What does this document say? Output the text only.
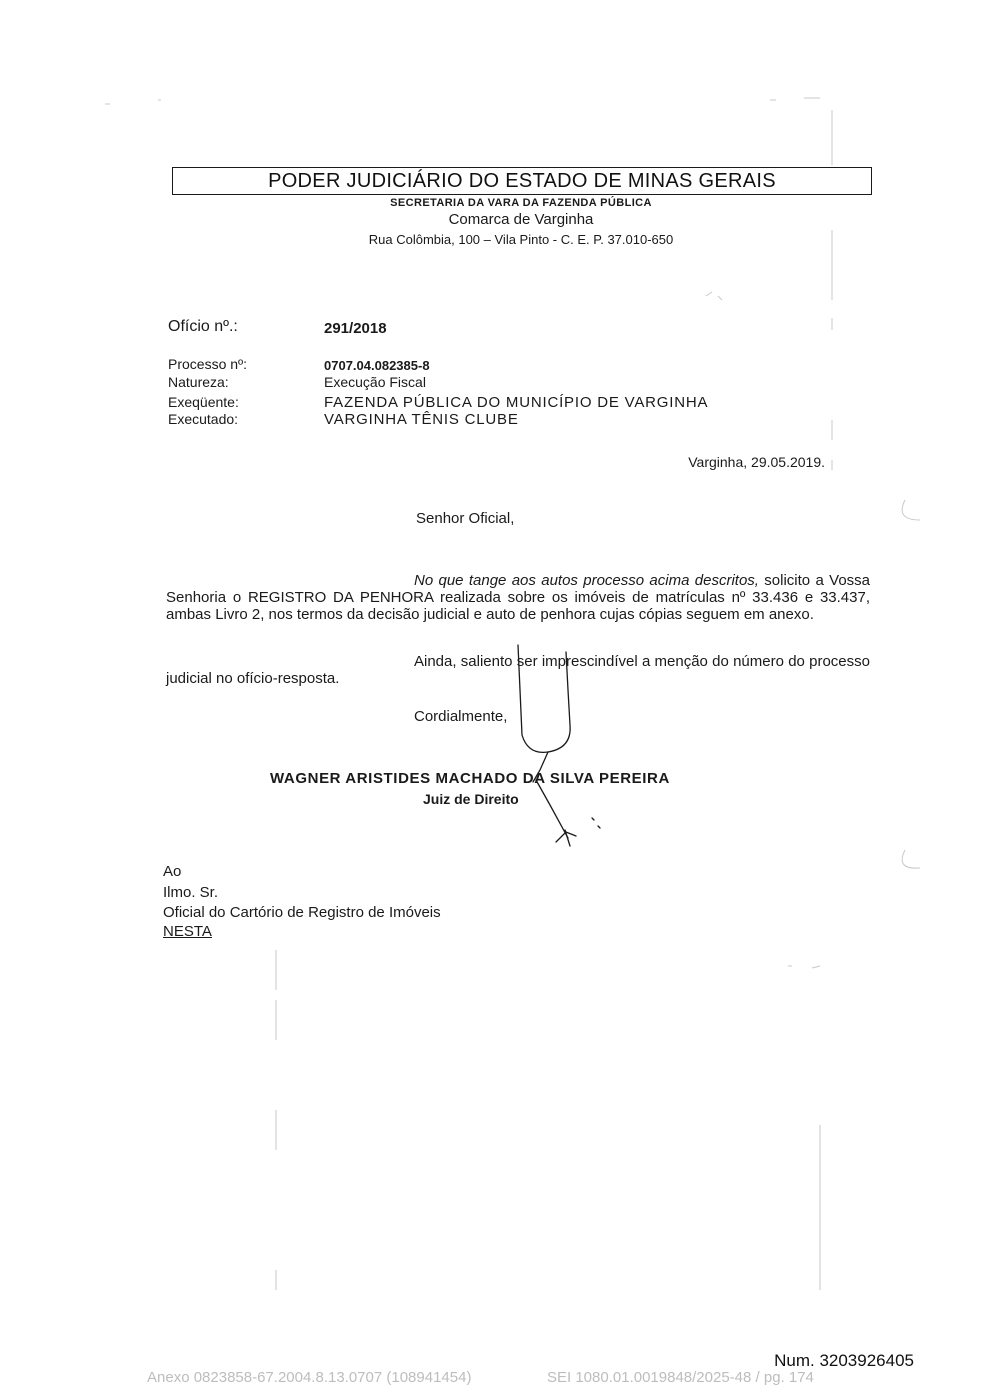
PODER JUDICIÁRIO DO ESTADO DE MINAS GERAIS
SECRETARIA DA VARA DA FAZENDA PÚBLICA
Comarca de Varginha
Rua Colômbia, 100 – Vila Pinto - C. E. P. 37.010-650
Ofício nº.:	291/2018
Processo nº:	0707.04.082385-8
Natureza:	Execução Fiscal
Exeqüente:	FAZENDA PÚBLICA DO MUNICÍPIO DE VARGINHA
Executado:	VARGINHA TÊNIS CLUBE
Varginha, 29.05.2019.
Senhor Oficial,
No que tange aos autos processo acima descritos, solicito a Vossa Senhoria o REGISTRO DA PENHORA realizada sobre os imóveis de matrículas nº 33.436 e 33.437, ambas Livro 2, nos termos da decisão judicial e auto de penhora cujas cópias seguem em anexo.
Ainda, saliento ser imprescindível a menção do número do processo judicial no ofício-resposta.
Cordialmente,
WAGNER ARISTIDES MACHADO DA SILVA PEREIRA
Juiz de Direito
Ao
Ilmo. Sr.
Oficial do Cartório de Registro de Imóveis
NESTA
Num. 3203926405
Anexo 0823858-67.2004.8.13.0707 (108941454)	SEI 1080.01.0019848/2025-48 / pg. 174
